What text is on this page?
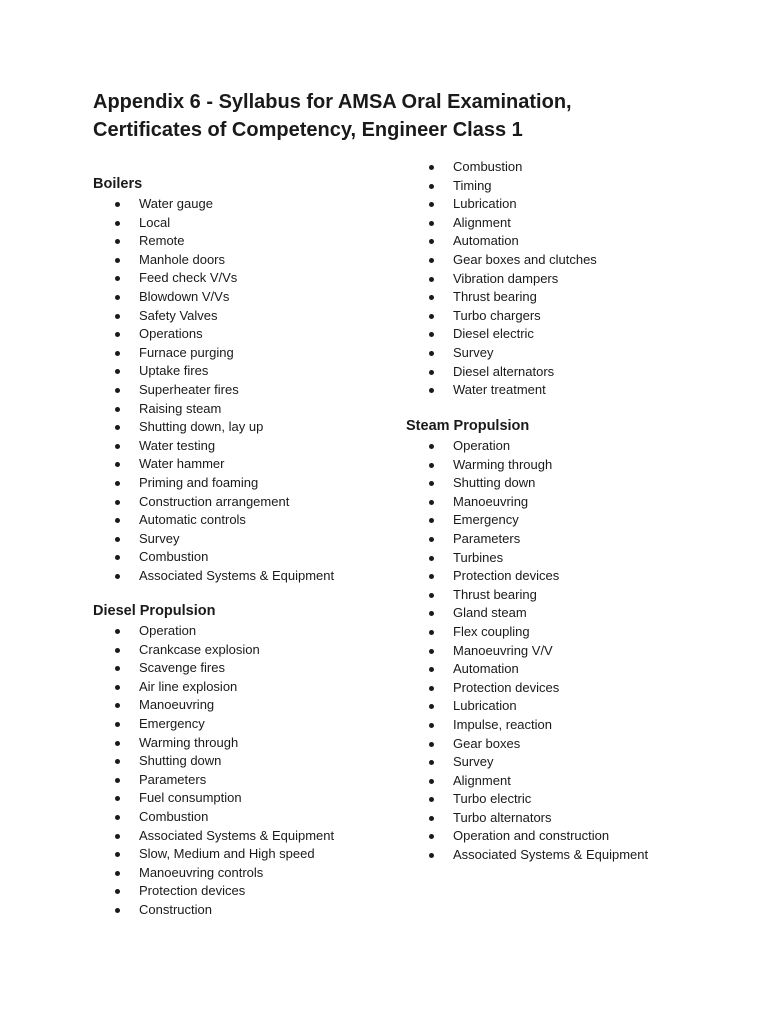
Appendix 6 - Syllabus for AMSA Oral Examination,
Certificates of Competency, Engineer Class 1
Boilers
Water gauge
Local
Remote
Manhole doors
Feed check V/Vs
Blowdown V/Vs
Safety Valves
Operations
Furnace purging
Uptake fires
Superheater fires
Raising steam
Shutting down, lay up
Water testing
Water hammer
Priming and foaming
Construction arrangement
Automatic controls
Survey
Combustion
Associated Systems & Equipment
Diesel Propulsion
Operation
Crankcase explosion
Scavenge fires
Air line explosion
Manoeuvring
Emergency
Warming through
Shutting down
Parameters
Fuel consumption
Combustion
Associated Systems & Equipment
Slow, Medium and High speed
Manoeuvring controls
Protection devices
Construction
Combustion
Timing
Lubrication
Alignment
Automation
Gear boxes and clutches
Vibration dampers
Thrust bearing
Turbo chargers
Diesel electric
Survey
Diesel alternators
Water treatment
Steam Propulsion
Operation
Warming through
Shutting down
Manoeuvring
Emergency
Parameters
Turbines
Protection devices
Thrust bearing
Gland steam
Flex coupling
Manoeuvring V/V
Automation
Protection devices
Lubrication
Impulse, reaction
Gear boxes
Survey
Alignment
Turbo electric
Turbo alternators
Operation and construction
Associated Systems & Equipment
